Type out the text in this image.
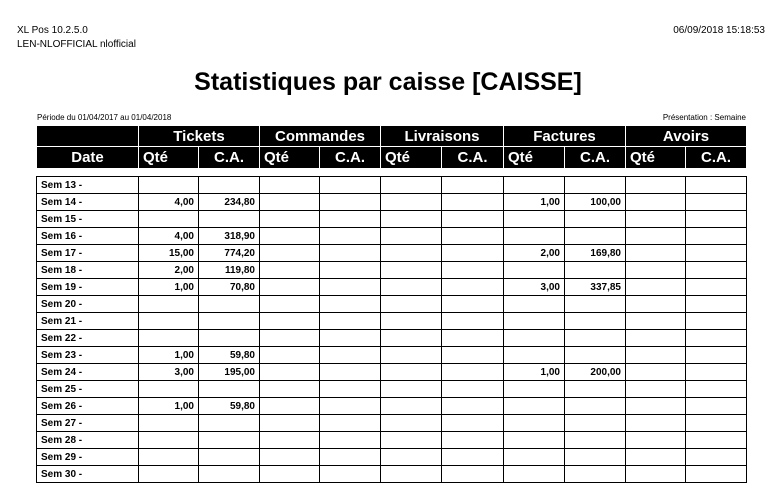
XL Pos 10.2.5.0
LEN-NLOFFICIAL nlofficial
06/09/2018 15:18:53
Statistiques par caisse [CAISSE]
Période du 01/04/2017 au 01/04/2018	Présentation : Semaine
	Tickets		Commandes		Livraisons		Factures		Avoirs	
Date	Qté	C.A.	Qté	C.A.	Qté	C.A.	Qté	C.A.	Qté	C.A.

Sem 13 -										
Sem 14 -	4,00	234,80					1,00	100,00		
Sem 15 -										
Sem 16 -	4,00	318,90								
Sem 17 -	15,00	774,20					2,00	169,80		
Sem 18 -	2,00	119,80								
Sem 19 -	1,00	70,80					3,00	337,85		
Sem 20 -										
Sem 21 -										
Sem 22 -										
Sem 23 -	1,00	59,80								
Sem 24 -	3,00	195,00					1,00	200,00		
Sem 25 -										
Sem 26 -	1,00	59,80								
Sem 27 -										
Sem 28 -										
Sem 29 -										
Sem 30 -										
